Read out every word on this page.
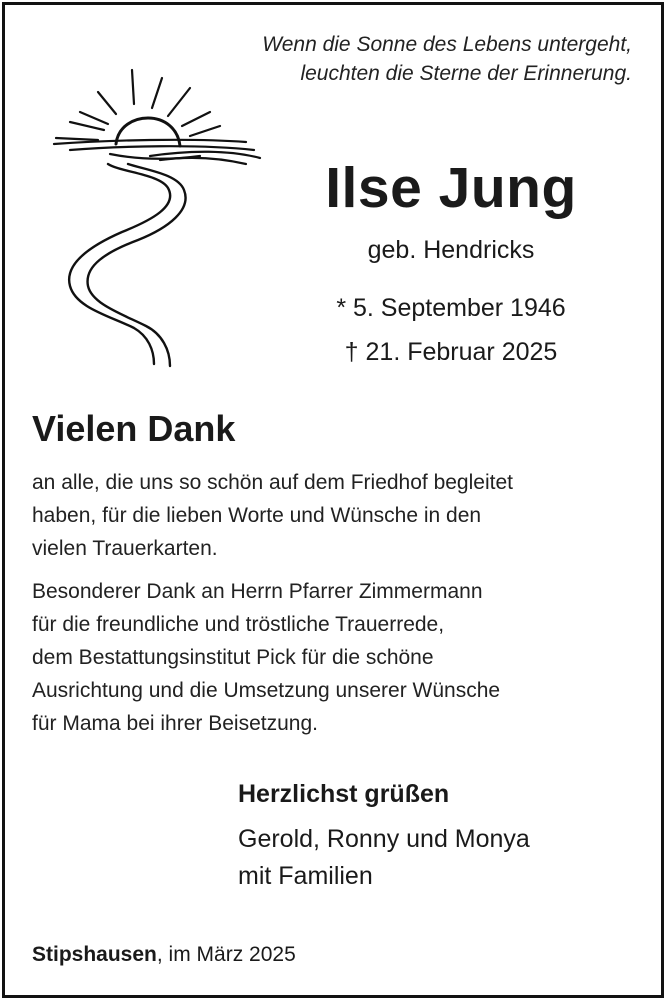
Wenn die Sonne des Lebens untergeht,
leuchten die Sterne der Erinnerung.
Ilse Jung
geb. Hendricks
* 5. September 1946
† 21. Februar 2025
Vielen Dank
an alle, die uns so schön auf dem Friedhof begleitet
haben, für die lieben Worte und Wünsche in den
vielen Trauerkarten.
Besonderer Dank an Herrn Pfarrer Zimmermann
für die freundliche und tröstliche Trauerrede,
dem Bestattungsinstitut Pick für die schöne
Ausrichtung und die Umsetzung unserer Wünsche
für Mama bei ihrer Beisetzung.
Herzlichst grüßen
Gerold, Ronny und Monya
mit Familien
Stipshausen, im März 2025
